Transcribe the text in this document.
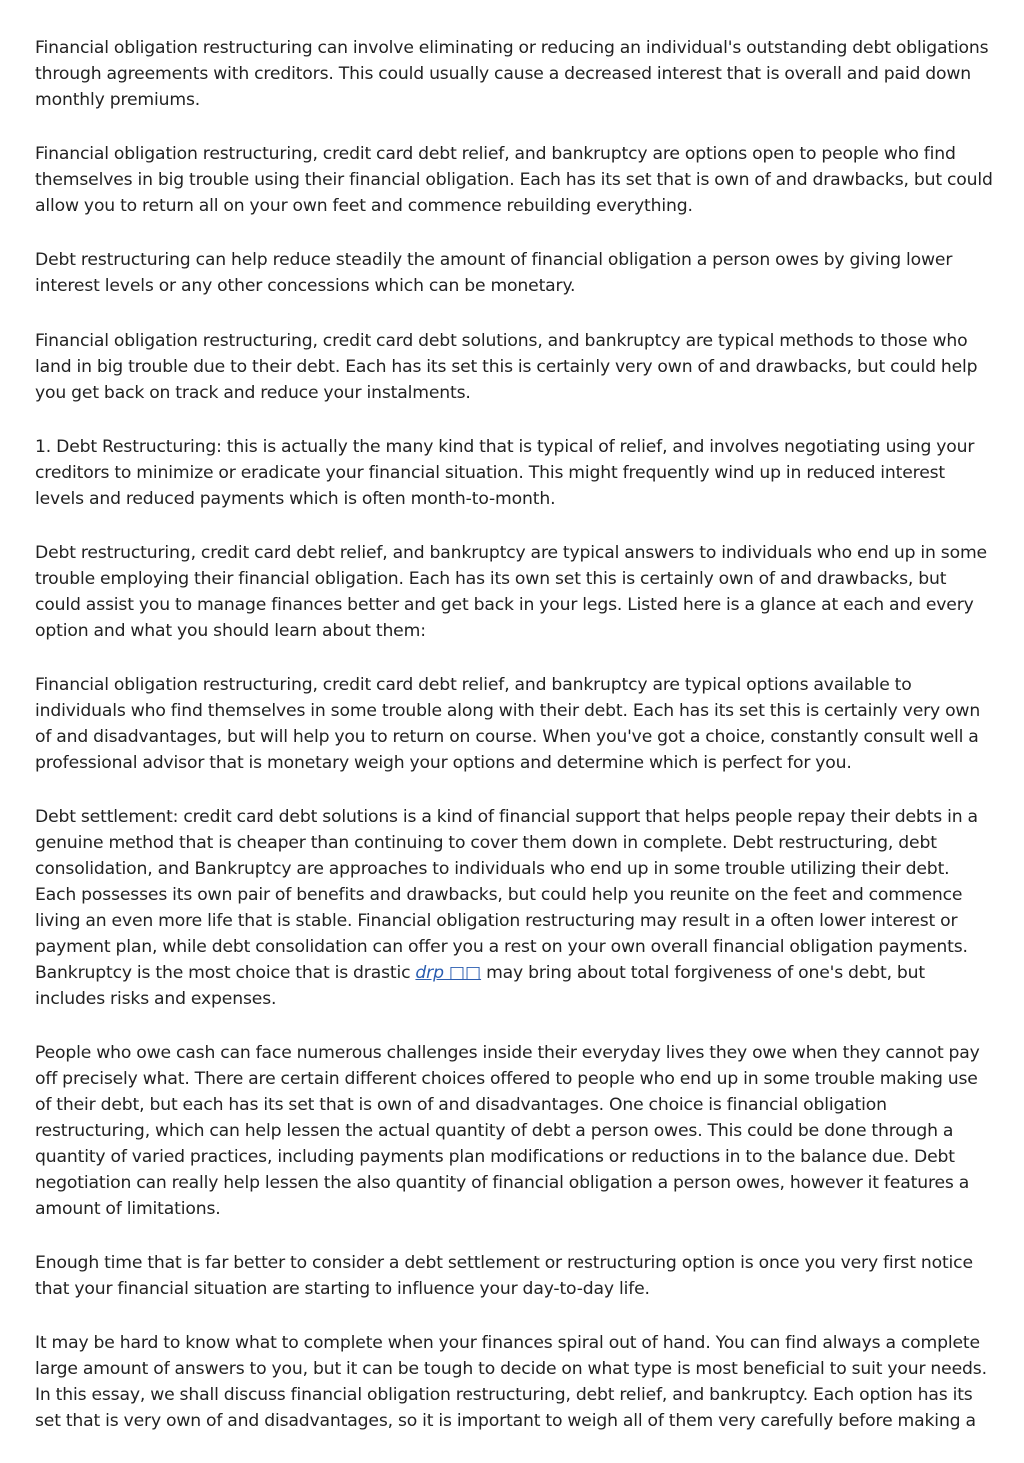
Financial obligation restructuring can involve eliminating or reducing an individual's outstanding debt obligations through agreements with creditors. This could usually cause a decreased interest that is overall and paid down monthly premiums.

Financial obligation restructuring, credit card debt relief, and bankruptcy are options open to people who find themselves in big trouble using their financial obligation. Each has its set that is own of and drawbacks, but could allow you to return all on your own feet and commence rebuilding everything.

Debt restructuring can help reduce steadily the amount of financial obligation a person owes by giving lower interest levels or any other concessions which can be monetary.

Financial obligation restructuring, credit card debt solutions, and bankruptcy are typical methods to those who land in big trouble due to their debt. Each has its set this is certainly very own of and drawbacks, but could help you get back on track and reduce your instalments.

1. Debt Restructuring: this is actually the many kind that is typical of relief, and involves negotiating using your creditors to minimize or eradicate your financial situation. This might frequently wind up in reduced interest levels and reduced payments which is often month-to-month.

Debt restructuring, credit card debt relief, and bankruptcy are typical answers to individuals who end up in some trouble employing their financial obligation. Each has its own set this is certainly own of and drawbacks, but could assist you to manage finances better and get back in your legs. Listed here is a glance at each and every option and what you should learn about them:

Financial obligation restructuring, credit card debt relief, and bankruptcy are typical options available to individuals who find themselves in some trouble along with their debt. Each has its set this is certainly very own of and disadvantages, but will help you to return on course. When you've got a choice, constantly consult well a professional advisor that is monetary weigh your options and determine which is perfect for you.

Debt settlement: credit card debt solutions is a kind of financial support that helps people repay their debts in a genuine method that is cheaper than continuing to cover them down in complete. Debt restructuring, debt consolidation, and Bankruptcy are approaches to individuals who end up in some trouble utilizing their debt. Each possesses its own pair of benefits and drawbacks, but could help you reunite on the feet and commence living an even more life that is stable. Financial obligation restructuring may result in a often lower interest or payment plan, while debt consolidation can offer you a rest on your own overall financial obligation payments. Bankruptcy is the most choice that is drastic drp □□ may bring about total forgiveness of one's debt, but includes risks and expenses.

People who owe cash can face numerous challenges inside their everyday lives they owe when they cannot pay off precisely what. There are certain different choices offered to people who end up in some trouble making use of their debt, but each has its set that is own of and disadvantages. One choice is financial obligation restructuring, which can help lessen the actual quantity of debt a person owes. This could be done through a quantity of varied practices, including payments plan modifications or reductions in to the balance due. Debt negotiation can really help lessen the also quantity of financial obligation a person owes, however it features a amount of limitations.

Enough time that is far better to consider a debt settlement or restructuring option is once you very first notice that your financial situation are starting to influence your day-to-day life.

It may be hard to know what to complete when your finances spiral out of hand. You can find always a complete large amount of answers to you, but it can be tough to decide on what type is most beneficial to suit your needs. In this essay, we shall discuss financial obligation restructuring, debt relief, and bankruptcy. Each option has its set that is very own of and disadvantages, so it is important to weigh all of them very carefully before making a
